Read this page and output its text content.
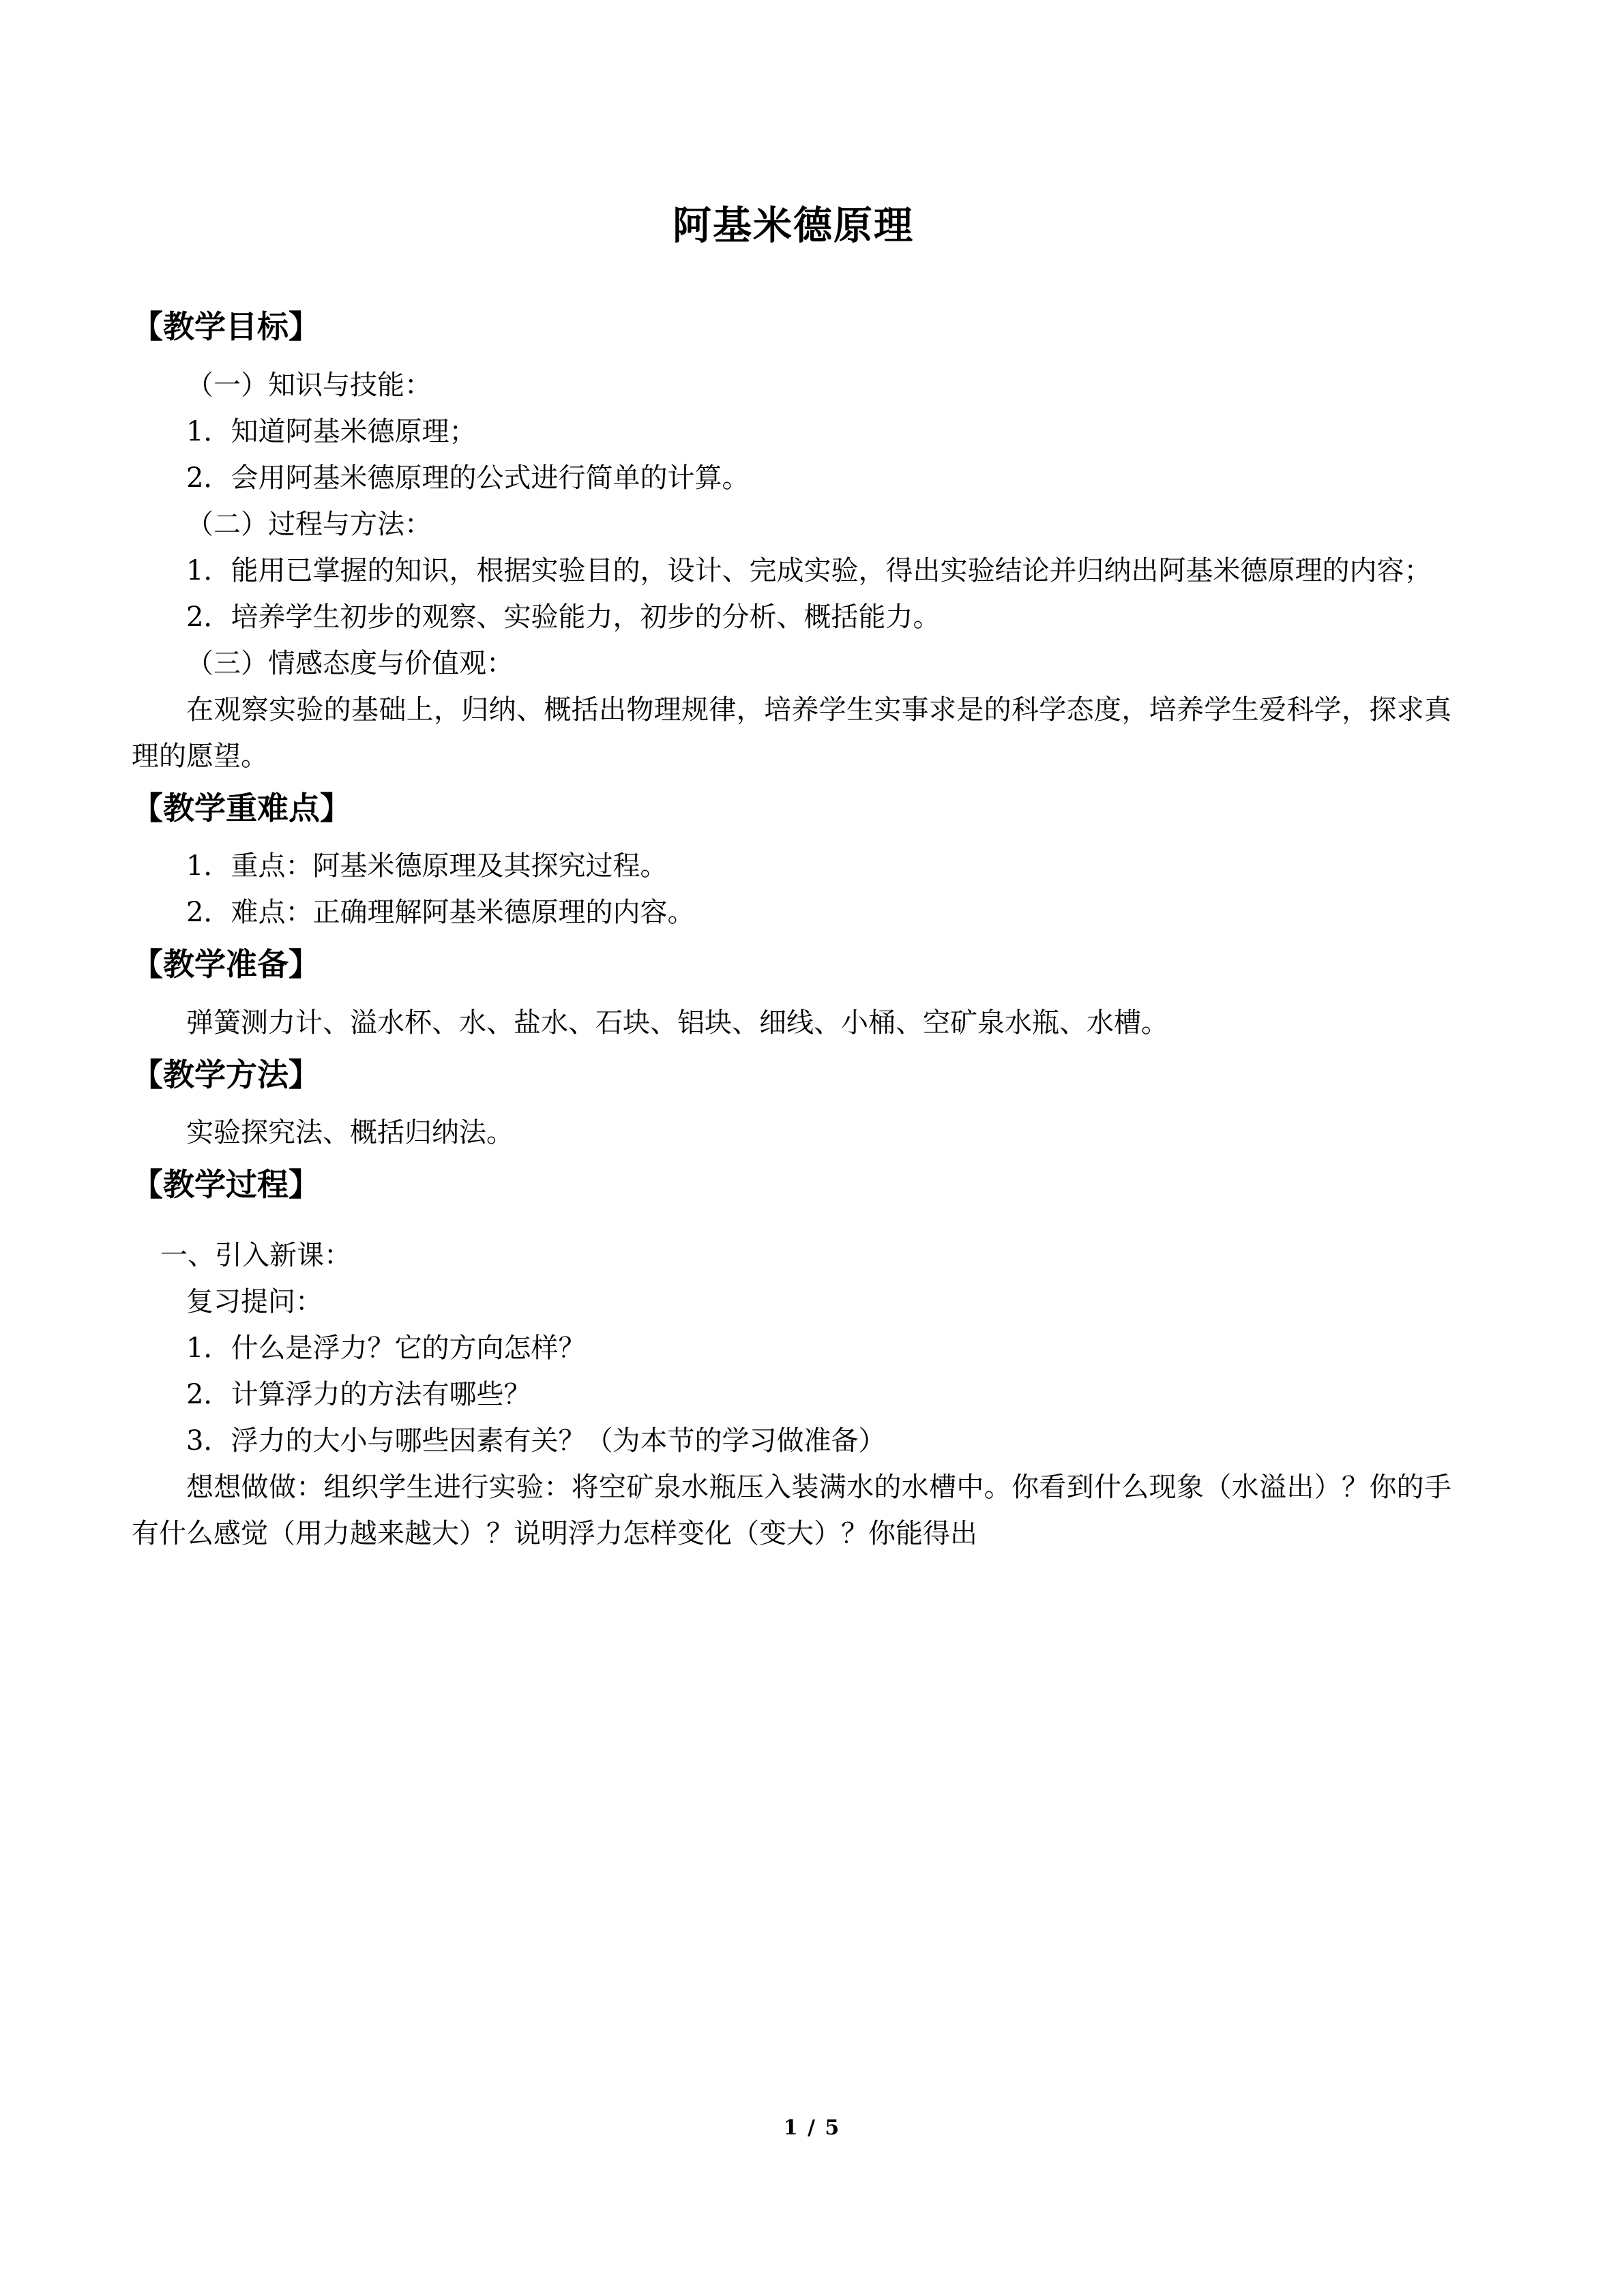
阿基米德原理
【教学目标】

（一）知识与技能：

1．知道阿基米德原理；

2．会用阿基米德原理的公式进行简单的计算。

（二）过程与方法：

1．能用已掌握的知识，根据实验目的，设计、完成实验，得出实验结论并归纳出阿基米德原理的内容；

2．培养学生初步的观察、实验能力，初步的分析、概括能力。

（三）情感态度与价值观：

在观察实验的基础上，归纳、概括出物理规律，培养学生实事求是的科学态度，培养学生爱科学，探求真理的愿望。

【教学重难点】

1．重点：阿基米德原理及其探究过程。

2．难点：正确理解阿基米德原理的内容。

【教学准备】

弹簧测力计、溢水杯、水、盐水、石块、铝块、细线、小桶、空矿泉水瓶、水槽。

【教学方法】

实验探究法、概括归纳法。

【教学过程】

一、引入新课：

复习提问：

1．什么是浮力？它的方向怎样？

2．计算浮力的方法有哪些？

3．浮力的大小与哪些因素有关？（为本节的学习做准备）

想想做做：组织学生进行实验：将空矿泉水瓶压入装满水的水槽中。你看到什么现象（水溢出）？你的手有什么感觉（用力越来越大）？说明浮力怎样变化（变大）？你能得出

1 / 5
